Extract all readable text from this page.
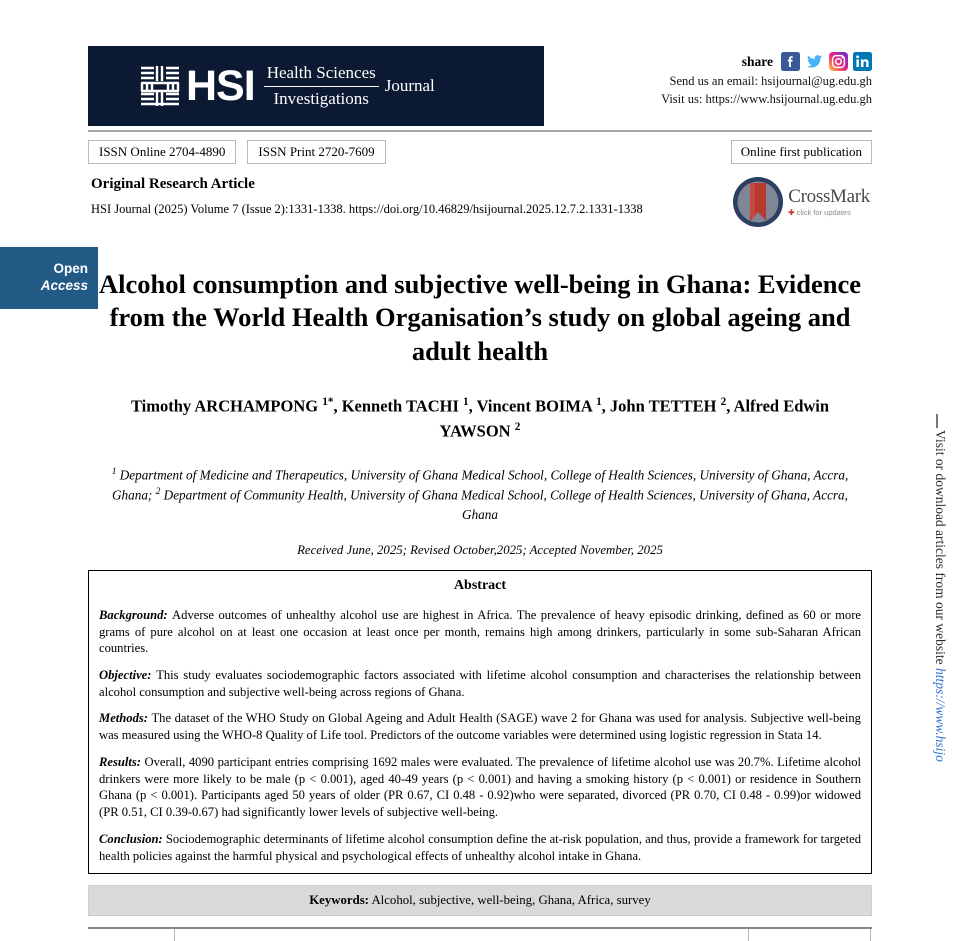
Open
Access
HSI Health Sciences
Investigations
Journal
share
Send us an email: hsijournal@ug.edu.gh
Visit us: https://www.hsijournal.ug.edu.gh
ISSN Online 2704-4890	ISSN Print 2720-7609	Online first publication
Original Research Article
HSI Journal (2025) Volume 7 (Issue 2):1331-1338. https://doi.org/10.46829/hsijournal.2025.12.7.2.1331-1338
CrossMark
✚ click for updates
Alcohol consumption and subjective well-being in Ghana: Evidence from the World Health Organisation’s study on global ageing and adult health
Timothy ARCHAMPONG $^{1*}$, Kenneth TACHI $^1$, Vincent BOIMA $^1$, John TETTEH $^2$, Alfred Edwin YAWSON $^2$
$^1$ Department of Medicine and Therapeutics, University of Ghana Medical School, College of Health Sciences, University of Ghana, Accra, Ghana; $^2$ Department of Community Health, University of Ghana Medical School, College of Health Sciences, University of Ghana, Accra, Ghana
Received June, 2025; Revised October,2025; Accepted November, 2025
Abstract

Background: Adverse outcomes of unhealthy alcohol use are highest in Africa. The prevalence of heavy episodic drinking, defined as 60 or more grams of pure alcohol on at least one occasion at least once per month, remains high among drinkers, particularly in some sub-Saharan African countries.

Objective: This study evaluates sociodemographic factors associated with lifetime alcohol consumption and characterises the relationship between alcohol consumption and subjective well-being across regions of Ghana.

Methods: The dataset of the WHO Study on Global Ageing and Adult Health (SAGE) wave 2 for Ghana was used for analysis. Subjective well-being was measured using the WHO-8 Quality of Life tool. Predictors of the outcome variables were determined using logistic regression in Stata 14.

Results: Overall, 4090 participant entries comprising 1692 males were evaluated. The prevalence of lifetime alcohol use was 20.7%. Lifetime alcohol drinkers were more likely to be male (p < 0.001), aged 40-49 years (p < 0.001) and having a smoking history (p < 0.001) or residence in Southern Ghana (p < 0.001). Participants aged 50 years of older (PR 0.67, CI 0.48 - 0.92)who were separated, divorced (PR 0.70, CI 0.48 - 0.99)or widowed (PR 0.51, CI 0.39-0.67) had significantly lower levels of subjective well-being.

Conclusion: Sociodemographic determinants of lifetime alcohol consumption define the at-risk population, and thus, provide a framework for targeted health policies against the harmful physical and psychological effects of unhealthy alcohol intake in Ghana.

Keywords: Alcohol, subjective, well-being, Ghana, Africa, survey
Visit or download articles from our website https://www.hsijo
